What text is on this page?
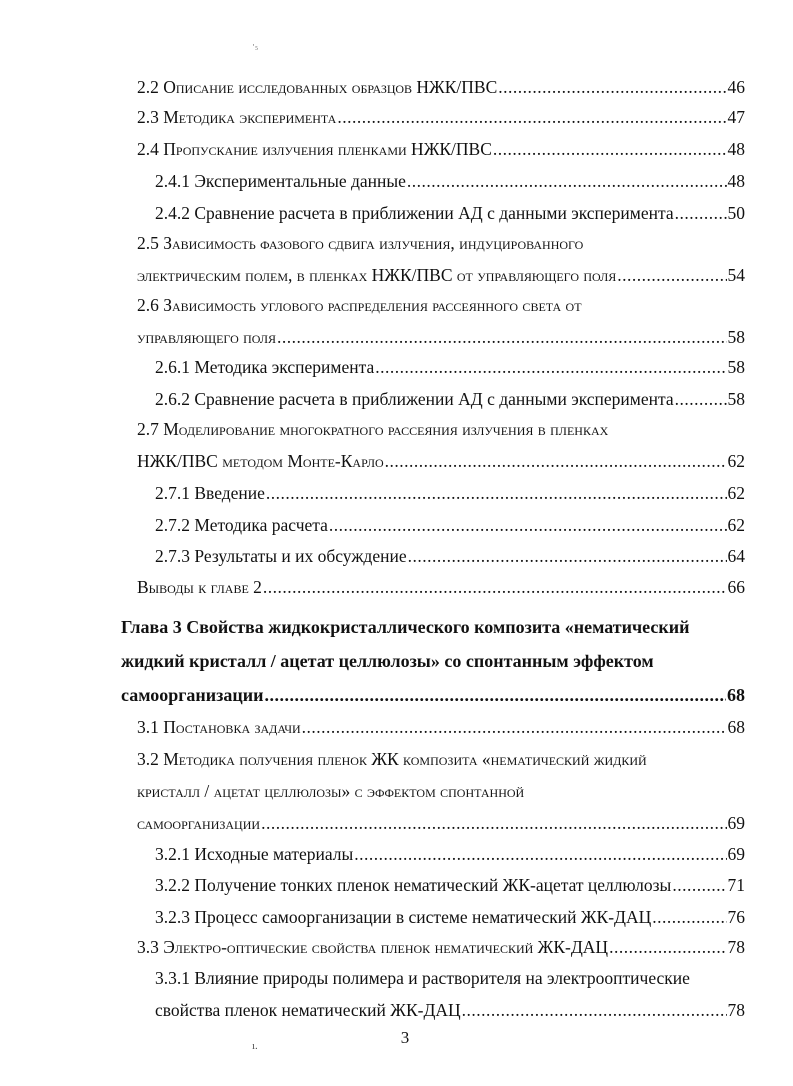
·₅
2.2 Описание исследованных образцов НЖК/ПВС .....	46
2.3 Методика эксперимента .....	47
2.4 Пропускание излучения пленками НЖК/ПВС .....	48
2.4.1 Экспериментальные данные .....	48
2.4.2 Сравнение расчета в приближении АД с данными эксперимента .....	50
2.5 Зависимость фазового сдвига излучения, индуцированного
электрическим полем, в пленках НЖК/ПВС от управляющего поля .....	54
2.6 Зависимость углового распределения рассеянного света от
управляющего поля .....	58
2.6.1 Методика эксперимента .....	58
2.6.2 Сравнение расчета в приближении АД с данными эксперимента .....	58
2.7 Моделирование многократного рассеяния излучения в пленках
НЖК/ПВС методом Монте-Карло .....	62
2.7.1 Введение .....	62
2.7.2 Методика расчета .....	62
2.7.3 Результаты и их обсуждение .....	64
Выводы к главе 2 .....	66
Глава 3 Свойства жидкокристаллического композита «нематический
жидкий кристалл / ацетат целлюлозы» со спонтанным эффектом
самоорганизации .....	68
3.1 Постановка задачи .....	68
3.2 Методика получения пленок ЖК композита «нематический жидкий
кристалл / ацетат целлюлозы» с эффектом спонтанной
самоорганизации .....	69
3.2.1 Исходные материалы .....	69
3.2.2 Получение тонких пленок нематический ЖК-ацетат целлюлозы .....	71
3.2.3 Процесс самоорганизации в системе нематический ЖК-ДАЦ .....	76
3.3 Электро-оптические свойства пленок нематический ЖК-ДАЦ .....	78
3.3.1 Влияние природы полимера и растворителя на электрооптические
свойства пленок нематический ЖК-ДАЦ .....	78
ı.	3
